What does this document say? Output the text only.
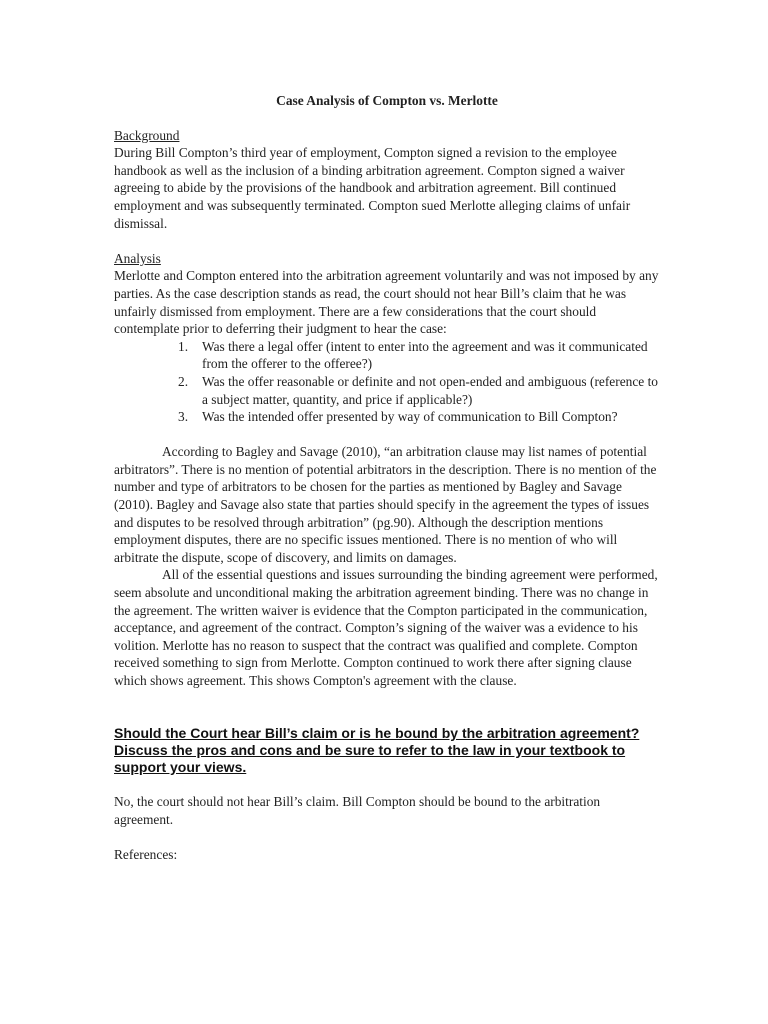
Case Analysis of Compton vs. Merlotte

Background

During Bill Compton’s third year of employment, Compton signed a revision to the employee handbook as well as the inclusion of a binding arbitration agreement. Compton signed a waiver agreeing to abide by the provisions of the handbook and arbitration agreement. Bill continued employment and was subsequently terminated. Compton sued Merlotte alleging claims of unfair dismissal.

Analysis

Merlotte and Compton entered into the arbitration agreement voluntarily and was not imposed by any parties. As the case description stands as read, the court should not hear Bill’s claim that he was unfairly dismissed from employment. There are a few considerations that the court should contemplate prior to deferring their judgment to hear the case:

1. Was there a legal offer (intent to enter into the agreement and was it communicated from the offerer to the offeree?)
2. Was the offer reasonable or definite and not open-ended and ambiguous (reference to a subject matter, quantity, and price if applicable?)
3. Was the intended offer presented by way of communication to Bill Compton?

According to Bagley and Savage (2010), “an arbitration clause may list names of potential arbitrators”. There is no mention of potential arbitrators in the description. There is no mention of the number and type of arbitrators to be chosen for the parties as mentioned by Bagley and Savage (2010). Bagley and Savage also state that parties should specify in the agreement the types of issues and disputes to be resolved through arbitration” (pg.90). Although the description mentions employment disputes, there are no specific issues mentioned. There is no mention of who will arbitrate the dispute, scope of discovery, and limits on damages.

All of the essential questions and issues surrounding the binding agreement were performed, seem absolute and unconditional making the arbitration agreement binding. There was no change in the agreement. The written waiver is evidence that the Compton participated in the communication, acceptance, and agreement of the contract. Compton’s signing of the waiver was a evidence to his volition. Merlotte has no reason to suspect that the contract was qualified and complete. Compton received something to sign from Merlotte. Compton continued to work there after signing clause which shows agreement. This shows Compton's agreement with the clause.

Should the Court hear Bill’s claim or is he bound by the arbitration agreement? Discuss the pros and cons and be sure to refer to the law in your textbook to support your views.

No, the court should not hear Bill’s claim. Bill Compton should be bound to the arbitration agreement.

References:
